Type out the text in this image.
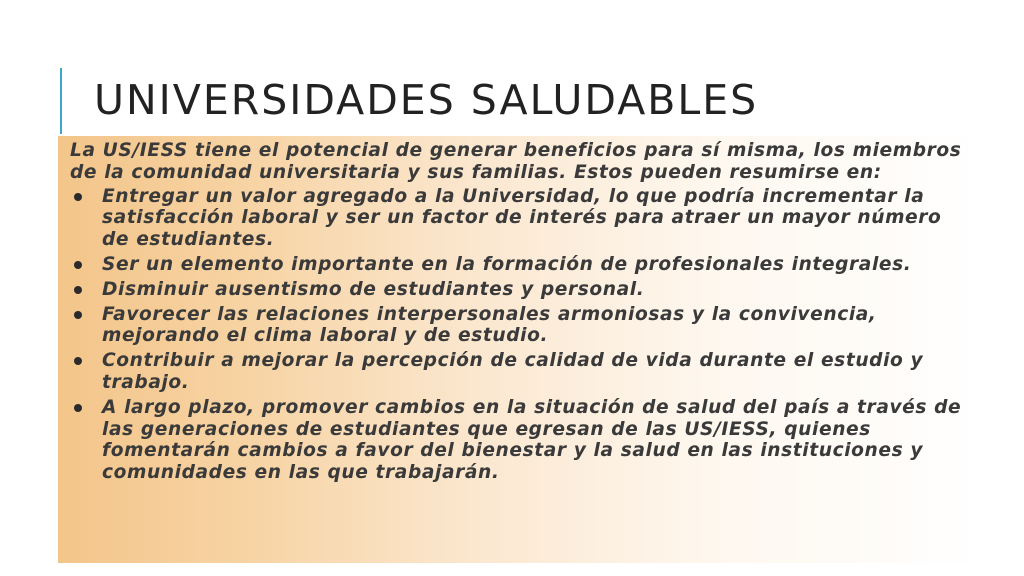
UNIVERSIDADES SALUDABLES

La US/IESS tiene el potencial de generar beneficios para sí misma, los miembros de la comunidad universitaria y sus familias. Estos pueden resumirse en:

Entregar un valor agregado a la Universidad, lo que podría incrementar la satisfacción laboral y ser un factor de interés para atraer un mayor número de estudiantes.
Ser un elemento importante en la formación de profesionales integrales.
Disminuir ausentismo de estudiantes y personal.
Favorecer las relaciones interpersonales armoniosas y la convivencia, mejorando el clima laboral y de estudio.
Contribuir a mejorar la percepción de calidad de vida durante el estudio y trabajo.
A largo plazo, promover cambios en la situación de salud del país a través de las generaciones de estudiantes que egresan de las US/IESS, quienes fomentarán cambios a favor del bienestar y la salud en las instituciones y comunidades en las que trabajarán.
